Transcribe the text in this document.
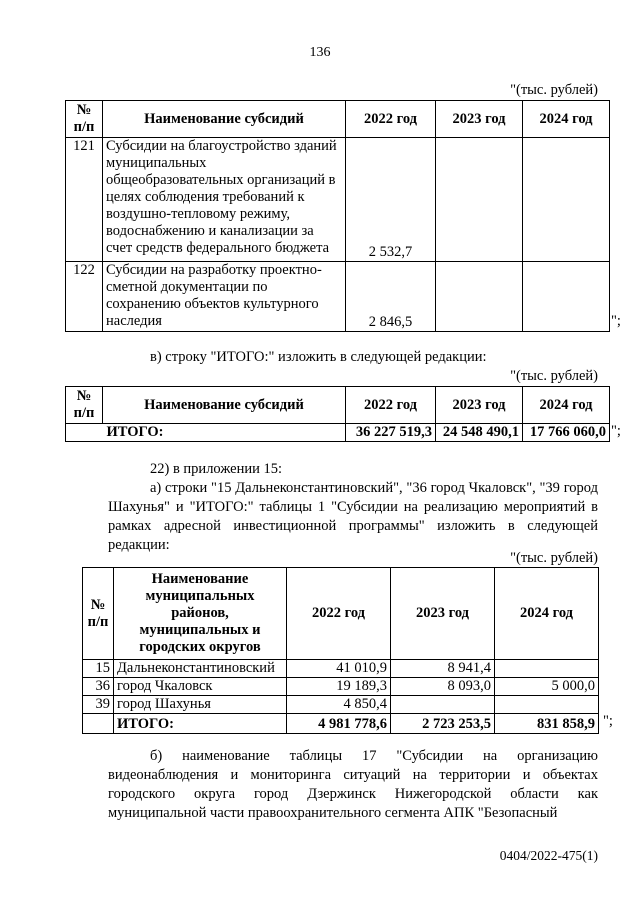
136
"(тыс. рублей)
№ п/п	Наименование субсидий	2022 год	2023 год	2024 год
121	Субсидии на благоустройство зданий муниципальных общеобразовательных организаций в целях соблюдения требований к воздушно-тепловому режиму, водоснабжению и канализации за счет средств федерального бюджета	2 532,7		
122	Субсидии на разработку проектно-сметной документации по сохранению объектов культурного наследия	2 846,5			";
в) строку "ИТОГО:" изложить в следующей редакции:
"(тыс. рублей)
№ п/п	Наименование субсидий	2022 год	2023 год	2024 год
	ИТОГО:	36 227 519,3	24 548 490,1	17 766 060,0 ";
22) в приложении 15:
а) строки "15 Дальнеконстантиновский", "36 город Чкаловск", "39 город Шахунья" и "ИТОГО:" таблицы 1 "Субсидии на реализацию мероприятий в рамках адресной инвестиционной программы" изложить в следующей редакции:
"(тыс. рублей)
№ п/п	Наименование муниципальных районов, муниципальных и городских округов	2022 год	2023 год	2024 год
15	Дальнеконстантиновский	41 010,9	8 941,4	
36	город Чкаловск	19 189,3	8 093,0	5 000,0
39	город Шахунья	4 850,4		
	ИТОГО:	4 981 778,6	2 723 253,5	831 858,9 ";
б) наименование таблицы 17 "Субсидии на организацию видеонаблюдения и мониторинга ситуаций на территории и объектах городского округа город Дзержинск Нижегородской области как муниципальной части правоохранительного сегмента АПК "Безопасный
0404/2022-475(1)
